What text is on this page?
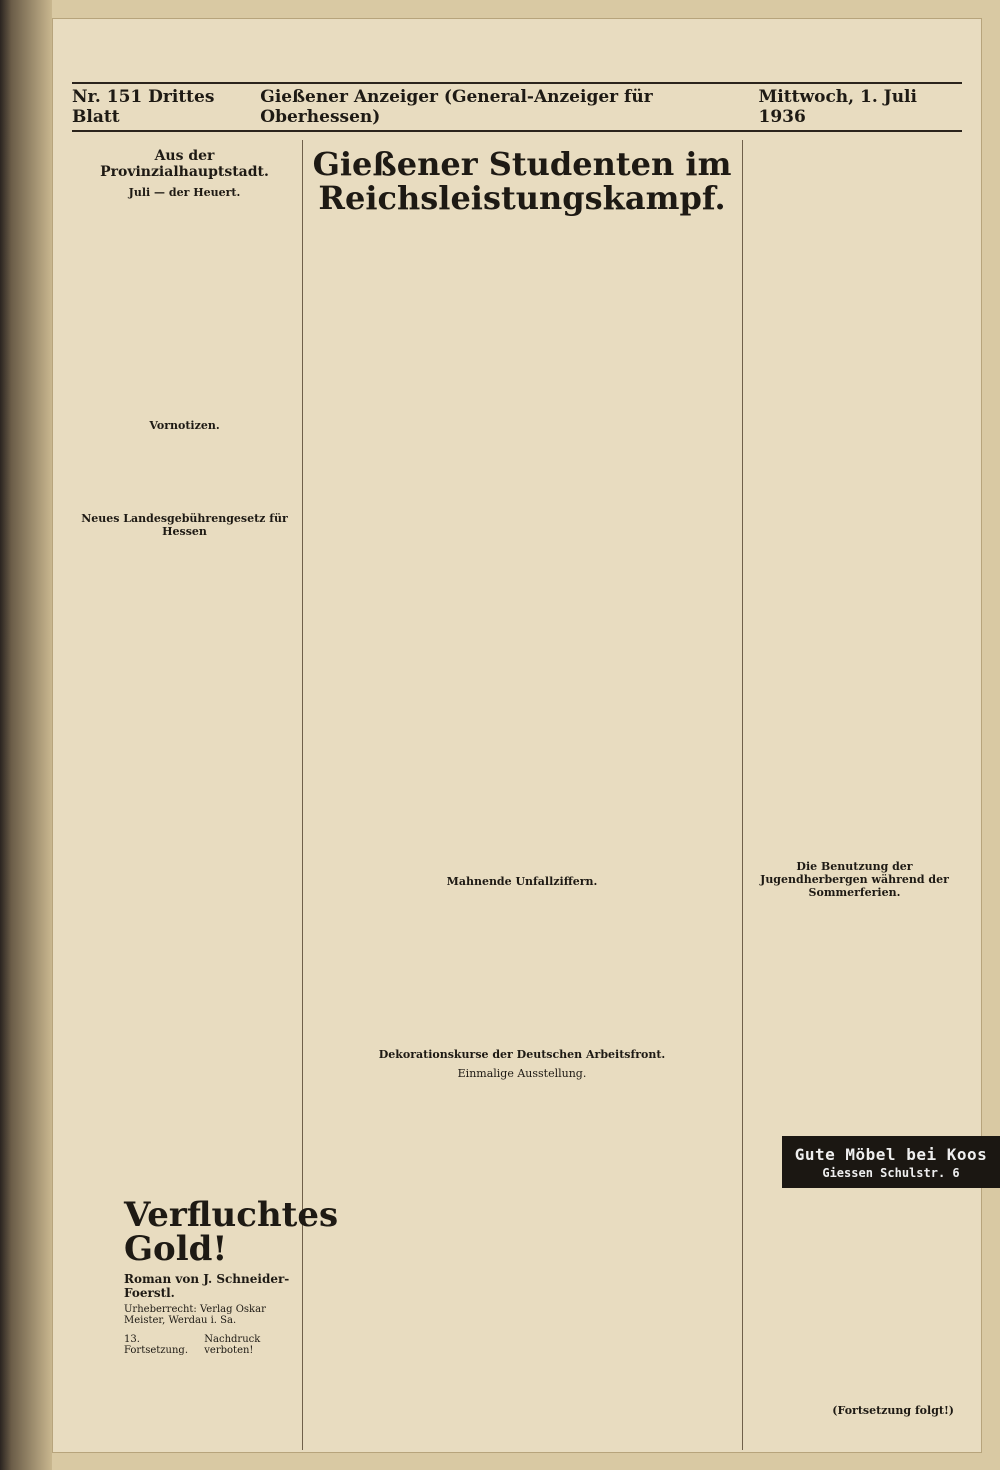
Nr. 151 Drittes Blatt
Gießener Anzeiger (General-Anzeiger für Oberhessen)
Mittwoch, 1. Juli 1936
Aus der Provinzialhauptstadt.
Juli — der Heuert.
Vornotizen.
Neues Landesgebührengesetz für Hessen
Gießener Studenten im Reichsleistungskampf.
Mahnende Unfallziffern.
Dekorationskurse der Deutschen Arbeitsfront.
Einmalige Ausstellung.
Die Benutzung der Jugendherbergen während der Sommerferien.
Gute Möbel bei Koos
Giessen Schulstr. 6
Verfluchtes Gold!
Roman von J. Schneider-Foerstl.
Urheberrecht: Verlag Oskar Meister, Werdau i. Sa.
13. Fortsetzung.
Nachdruck verboten!
(Fortsetzung folgt!)
